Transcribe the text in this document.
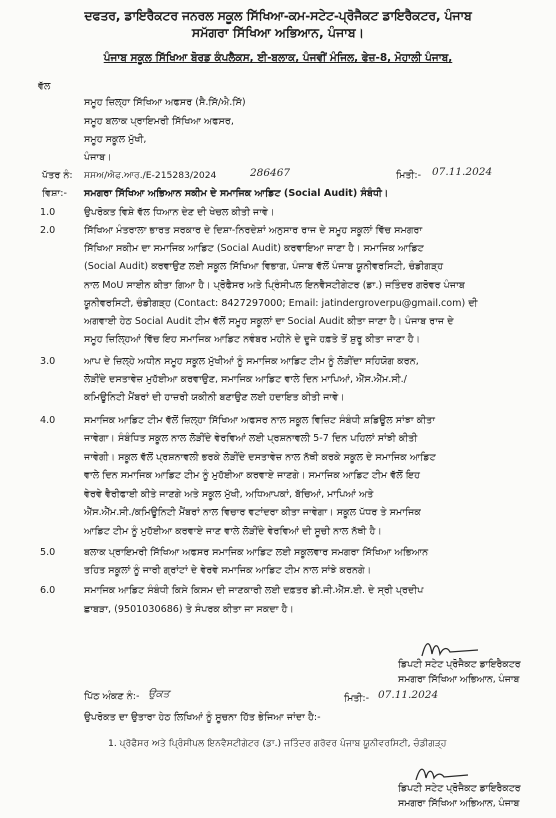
ਦਫਤਰ, ਡਾਇਰੈਕਟਰ ਜਨਰਲ ਸਕੂਲ ਸਿੱਖਿਆ-ਕਮ-ਸਟੇਟ-ਪ੍ਰੋਜੈਕਟ ਡਾਇਰੈਕਟਰ, ਪੰਜਾਬ
ਸਮੱਗਰਾ ਸਿੱਖਿਆ ਅਭਿਆਨ, ਪੰਜਾਬ।
ਪੰਜਾਬ ਸਕੂਲ ਸਿੱਖਿਆ ਬੋਰਡ ਕੰਪਲੈਕਸ, ਈ-ਬਲਾਕ, ਪੰਜਵੀਂ ਮੰਜਿਲ, ਫੇਜ਼-8, ਮੋਹਾਲੀ ਪੰਜਾਬ,
ਵੱਲ
ਸਮੂਹ ਜ਼ਿਲ੍ਹਾ ਸਿੱਖਿਆ ਅਫਸਰ (ਸੈ.ਸਿੱ/ਐ.ਸਿੱ)
ਸਮੂਹ ਬਲਾਕ ਪ੍ਰਾਇਮਰੀ ਸਿੱਖਿਆ ਅਫਸਰ,
ਸਮੂਹ ਸਕੂਲ ਮੁੱਖੀ,
ਪੰਜਾਬ।
ਪੱਤਰ ਨੰ: ਸਸਅ/ਐਫ.ਆਰ./E-215283/2024	286467	ਮਿਤੀ:- 07.11.2024
ਵਿਸ਼ਾ:- ਸਮਗਰਾ ਸਿੱਖਿਆ ਅਭਿਆਨ ਸਕੀਮ ਦੇ ਸਮਾਜਿਕ ਆਡਿਟ (Social Audit) ਸੰਬੰਧੀ।
1.0	ਉਪਰੋਕਤ ਵਿਸ਼ੇ ਵੱਲ ਧਿਆਨ ਦੇਣ ਦੀ ਖੇਚਲ ਕੀਤੀ ਜਾਵੇ।
2.0	ਸਿੱਖਿਆ ਮੰਤਰਾਲਾ ਭਾਰਤ ਸਰਕਾਰ ਦੇ ਦਿਸ਼ਾ-ਨਿਰਦੇਸ਼ਾਂ ਅਨੁਸਾਰ ਰਾਜ ਦੇ ਸਮੂਹ ਸਕੂਲਾਂ ਵਿੱਚ ਸਮਗਰਾ
ਸਿੱਖਿਆ ਸਕੀਮ ਦਾ ਸਮਾਜਿਕ ਆਡਿਟ (Social Audit) ਕਰਵਾਇਆ ਜਾਣਾ ਹੈ। ਸਮਾਜਿਕ ਆਡਿਟ
(Social Audit) ਕਰਵਾਉਣ ਲਈ ਸਕੂਲ ਸਿੱਖਿਆ ਵਿਭਾਗ, ਪੰਜਾਬ ਵੱਲੋਂ ਪੰਜਾਬ ਯੂਨੀਵਰਸਿਟੀ, ਚੰਡੀਗੜ੍ਹ
ਨਾਲ MoU ਸਾਈਨ ਕੀਤਾ ਗਿਆ ਹੈ। ਪ੍ਰੋਫੈਸਰ ਅਤੇ ਪ੍ਰਿੰਸੀਪਲ ਇਨਵੈਸਟੀਗੇਟਰ (ਡਾ.) ਜਤਿੰਦਰ ਗਰੋਵਰ ਪੰਜਾਬ
ਯੂਨੀਵਰਸਿਟੀ, ਚੰਡੀਗੜ੍ਹ (Contact: 8427297000; Email: jatindergroverpu@gmail.com) ਦੀ
ਅਗਵਾਈ ਹੇਠ Social Audit ਟੀਮ ਵੱਲੋਂ ਸਮੂਹ ਸਕੂਲਾਂ ਦਾ Social Audit ਕੀਤਾ ਜਾਣਾ ਹੈ। ਪੰਜਾਬ ਰਾਜ ਦੇ
ਸਮੂਹ ਜ਼ਿਲ੍ਹਿਆਂ ਵਿੱਚ ਇਹ ਸਮਾਜਿਕ ਆਡਿਟ ਨਵੰਬਰ ਮਹੀਨੇ ਦੇ ਦੂਜੇ ਹਫ਼ਤੇ ਤੋਂ ਸ਼ੁਰੂ ਕੀਤਾ ਜਾਣਾ ਹੈ।
3.0	ਆਪ ਦੇ ਜ਼ਿਲ੍ਹੇ ਅਧੀਨ ਸਮੂਹ ਸਕੂਲ ਮੁੱਖੀਆਂ ਨੂੰ ਸਮਾਜਿਕ ਆਡਿਟ ਟੀਮ ਨੂੰ ਲੋੜੀਂਦਾ ਸਹਿਯੋਗ ਕਰਨ,
ਲੋੜੀਂਦੇ ਦਸਤਾਵੇਜ਼ ਮੁਹੱਈਆ ਕਰਵਾਉਣ, ਸਮਾਜਿਕ ਆਡਿਟ ਵਾਲੇ ਦਿਨ ਮਾਪਿਆਂ, ਐੱਸ.ਐੱਮ.ਸੀ./
ਕਮਿਊਨਿਟੀ ਮੈਂਬਰਾਂ ਦੀ ਹਾਜ਼ਰੀ ਯਕੀਨੀ ਬਣਾਉਣ ਲਈ ਹਦਾਇਤ ਕੀਤੀ ਜਾਵੇ।
4.0	ਸਮਾਜਿਕ ਆਡਿਟ ਟੀਮ ਵੱਲੋਂ ਜ਼ਿਲ੍ਹਾ ਸਿੱਖਿਆ ਅਫਸਰ ਨਾਲ ਸਕੂਲ ਵਿਜ਼ਿਟ ਸੰਬੰਧੀ ਸ਼ਡਿਊਲ ਸਾਂਝਾ ਕੀਤਾ
ਜਾਵੇਗਾ। ਸੰਬੰਧਿਤ ਸਕੂਲ ਨਾਲ ਲੋੜੀਂਦੇ ਵੇਰਵਿਆਂ ਲਈ ਪ੍ਰਸ਼ਨਾਵਲੀ 5-7 ਦਿਨ ਪਹਿਲਾਂ ਸਾਂਝੀ ਕੀਤੀ
ਜਾਵੇਗੀ। ਸਕੂਲ ਵੱਲੋਂ ਪ੍ਰਸ਼ਨਾਵਲੀ ਭਰਕੇ ਲੋੜੀਂਦੇ ਦਸਤਾਵੇਜ਼ ਨਾਲ ਨੱਥੀ ਕਰਕੇ ਸਕੂਲ ਦੇ ਸਮਾਜਿਕ ਆਡਿਟ
ਵਾਲੇ ਦਿਨ ਸਮਾਜਿਕ ਆਡਿਟ ਟੀਮ ਨੂੰ ਮੁਹੱਈਆ ਕਰਵਾਏ ਜਾਣਗੇ। ਸਮਾਜਿਕ ਆਡਿਟ ਟੀਮ ਵੱਲੋਂ ਇਹ
ਵੇਰਵੇ ਵੈਰੀਫਾਈ ਕੀਤੇ ਜਾਣਗੇ ਅਤੇ ਸਕੂਲ ਮੁੱਖੀ, ਅਧਿਆਪਕਾਂ, ਬੱਚਿਆਂ, ਮਾਪਿਆਂ ਅਤੇ
ਐੱਸ.ਐੱਮ.ਸੀ./ਕਮਿਊਨਿਟੀ ਮੈਂਬਰਾਂ ਨਾਲ ਵਿਚਾਰ ਵਟਾਂਦਰਾ ਕੀਤਾ ਜਾਵੇਗਾ। ਸਕੂਲ ਪੱਧਰ ਤੇ ਸਮਾਜਿਕ
ਆਡਿਟ ਟੀਮ ਨੂੰ ਮੁਹੱਈਆ ਕਰਵਾਏ ਜਾਣ ਵਾਲੇ ਲੋੜੀਂਦੇ ਵੇਰਵਿਆਂ ਦੀ ਸੂਚੀ ਨਾਲ ਨੱਥੀ ਹੈ।
5.0	ਬਲਾਕ ਪ੍ਰਾਇਮਰੀ ਸਿੱਖਿਆ ਅਫਸਰ ਸਮਾਜਿਕ ਆਡਿਟ ਲਈ ਸਕੂਲਵਾਰ ਸਮਗਰਾ ਸਿੱਖਿਆ ਅਭਿਆਨ
ਤਹਿਤ ਸਕੂਲਾਂ ਨੂੰ ਜਾਰੀ ਗ੍ਰਾਂਟਾਂ ਦੇ ਵੇਰਵੇ ਸਮਾਜਿਕ ਆਡਿਟ ਟੀਮ ਨਾਲ ਸਾਂਝੇ ਕਰਨਗੇ।
6.0	ਸਮਾਜਿਕ ਆਡਿਟ ਸੰਬੰਧੀ ਕਿਸੇ ਕਿਸਮ ਦੀ ਜਾਣਕਾਰੀ ਲਈ ਦਫ਼ਤਰ ਡੀ.ਜੀ.ਐੱਸ.ਈ. ਦੇ ਸ੍ਰੀ ਪ੍ਰਦੀਪ
ਛਾਬੜਾ, (9501030686) ਤੇ ਸੰਪਰਕ ਕੀਤਾ ਜਾ ਸਕਦਾ ਹੈ।
ਡਿਪਟੀ ਸਟੇਟ ਪ੍ਰੋਜੈਕਟ ਡਾਇਰੈਕਟਰ
ਸਮਗਰਾ ਸਿੱਖਿਆ ਅਭਿਆਨ, ਪੰਜਾਬ
ਪਿੱਠ ਅੰਕਣ ਨੰ:- ਉਕਤ	ਮਿਤੀ:- 07.11.2024
ਉਪਰੋਕਤ ਦਾ ਉਤਾਰਾ ਹੇਠ ਲਿਖਿਆਂ ਨੂੰ ਸੂਚਨਾ ਹਿੱਤ ਭੇਜਿਆ ਜਾਂਦਾ ਹੈ:-
1. ਪ੍ਰੋਫੈਸਰ ਅਤੇ ਪ੍ਰਿੰਸੀਪਲ ਇਨਵੈਸਟੀਗੇਟਰ (ਡਾ.) ਜਤਿੰਦਰ ਗਰੋਵਰ ਪੰਜਾਬ ਯੂਨੀਵਰਸਿਟੀ, ਚੰਡੀਗੜ੍ਹ
ਡਿਪਟੀ ਸਟੇਟ ਪ੍ਰੋਜੈਕਟ ਡਾਇਰੈਕਟਰ
ਸਮਗਰਾ ਸਿੱਖਿਆ ਅਭਿਆਨ, ਪੰਜਾਬ
